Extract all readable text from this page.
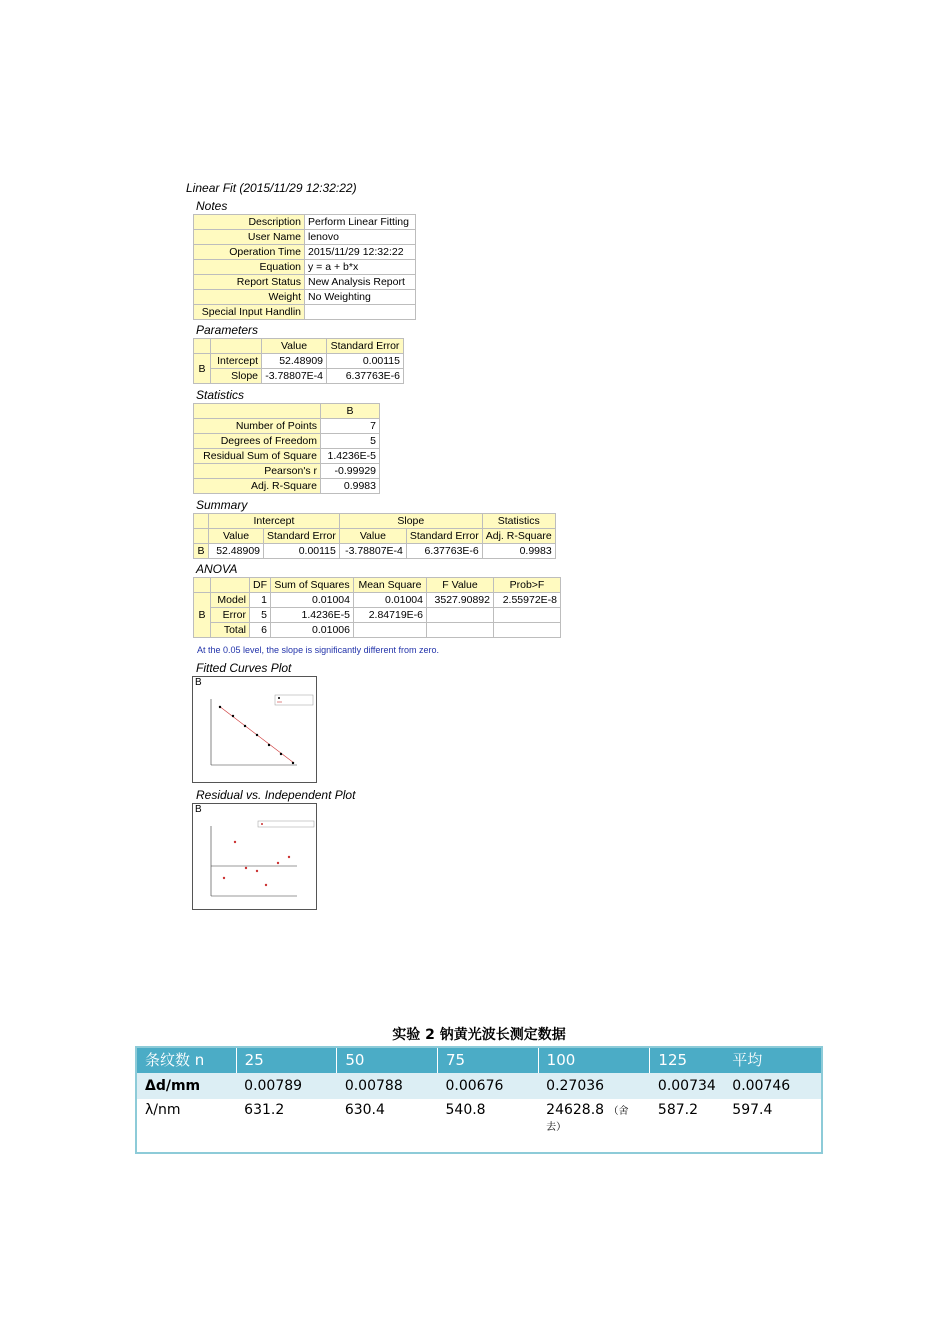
Linear Fit (2015/11/29 12:32:22)
Notes
Description	Perform Linear Fitting
User Name	lenovo
Operation Time	2015/11/29 12:32:22
Equation	y = a + b*x
Report Status	New Analysis Report
Weight	No Weighting
Special Input Handlin	
Parameters
		Value	Standard Error
B	Intercept	52.48909	0.00115
	Slope	-3.78807E-4	6.37763E-6
Statistics
	B
Number of Points	7
Degrees of Freedom	5
Residual Sum of Square	1.4236E-5
Pearson's r	-0.99929
Adj. R-Square	0.9983
Summary
	Intercept		Slope		Statistics
	Value	Standard Error	Value	Standard Error	Adj. R-Square
B	52.48909	0.00115	-3.78807E-4	6.37763E-6	0.9983
ANOVA
		DF	Sum of Squares	Mean Square	F Value	Prob>F
B	Model	1	0.01004	0.01004	3527.90892	2.55972E-8
	Error	5	1.4236E-5	2.84719E-6		
	Total	6	0.01006			
At the 0.05 level, the slope is significantly different from zero.
Fitted Curves Plot
B
Residual vs. Independent Plot
B
实验 2 钠黄光波长测定数据
条纹数 n	25	50	75	100	125	平均
Δd/mm	0.00789	0.00788	0.00676	0.27036	0.00734	0.00746
λ/nm	631.2	630.4	540.8	24628.8 （舍去）	587.2	597.4
